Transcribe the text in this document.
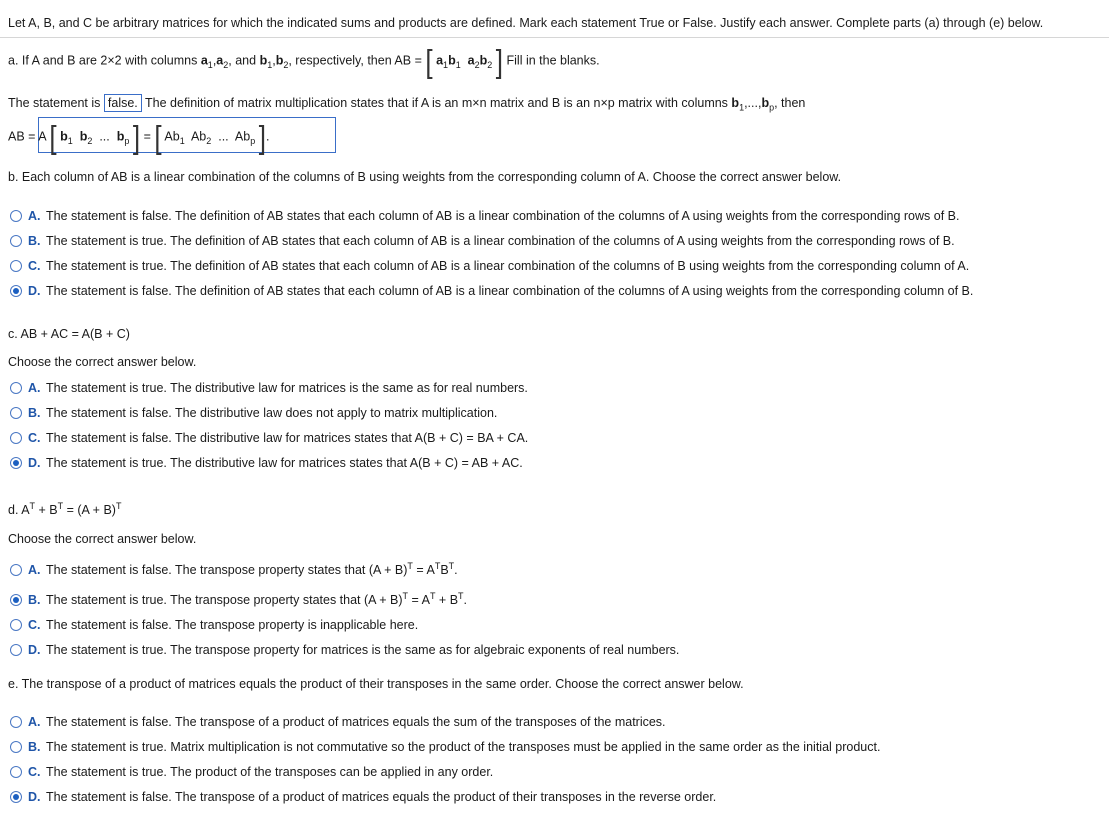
Let A, B, and C be arbitrary matrices for which the indicated sums and products are defined. Mark each statement True or False. Justify each answer. Complete parts (a) through (e) below.
a. If A and B are 2×2 with columns $a_1,a_2$, and $b_1,b_2$, respectively, then AB = [ $a_1b_1$ $a_2b_2$ ] Fill in the blanks.
The statement is false. The definition of matrix multiplication states that if A is an m×n matrix and B is an n×p matrix with columns $b_1,...,b_p$, then
AB = A [ $b_1$ $b_2$ ... $b_p$ ] = [ $Ab_1$ $Ab_2$ ... $Ab_p$ ].
b. Each column of AB is a linear combination of the columns of B using weights from the corresponding column of A. Choose the correct answer below.
A. The statement is false. The definition of AB states that each column of AB is a linear combination of the columns of A using weights from the corresponding rows of B.
B. The statement is true. The definition of AB states that each column of AB is a linear combination of the columns of A using weights from the corresponding rows of B.
C. The statement is true. The definition of AB states that each column of AB is a linear combination of the columns of B using weights from the corresponding column of A.
D. The statement is false. The definition of AB states that each column of AB is a linear combination of the columns of A using weights from the corresponding column of B.
c. AB + AC = A(B + C)
Choose the correct answer below.
A. The statement is true. The distributive law for matrices is the same as for real numbers.
B. The statement is false. The distributive law does not apply to matrix multiplication.
C. The statement is false. The distributive law for matrices states that A(B + C) = BA + CA.
D. The statement is true. The distributive law for matrices states that A(B + C) = AB + AC.
d. $A^T + B^T = (A + B)^T$
Choose the correct answer below.
A. The statement is false. The transpose property states that $(A + B)^T = A^TB^T$.
B. The statement is true. The transpose property states that $(A + B)^T = A^T + B^T$.
C. The statement is false. The transpose property is inapplicable here.
D. The statement is true. The transpose property for matrices is the same as for algebraic exponents of real numbers.
e. The transpose of a product of matrices equals the product of their transposes in the same order. Choose the correct answer below.
A. The statement is false. The transpose of a product of matrices equals the sum of the transposes of the matrices.
B. The statement is true. Matrix multiplication is not commutative so the product of the transposes must be applied in the same order as the initial product.
C. The statement is true. The product of the transposes can be applied in any order.
D. The statement is false. The transpose of a product of matrices equals the product of their transposes in the reverse order.
